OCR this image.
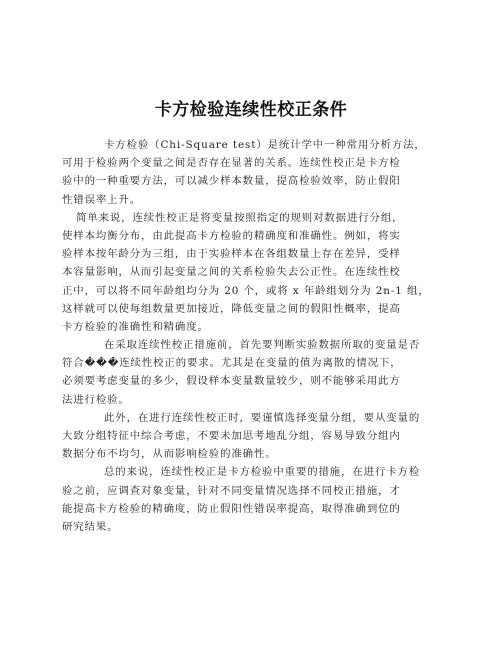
卡方检验连续性校正条件
卡方检验（Chi-Square test）是统计学中一种常用分析方法，
可用于检验两个变量之间是否存在显著的关系。连续性校正是卡方检
验中的一种重要方法，可以减少样本数量，提高检验效率，防止假阳
性错误率上升。
简单来说，连续性校正是将变量按照指定的规则对数据进行分组，
使样本均衡分布，由此提高卡方检验的精确度和准确性。例如，将实
验样本按年龄分为三组，由于实验样本在各组数量上存在差异，受样
本容量影响，从而引起变量之间的关系检验失去公正性。在连续性校
正中，可以将不同年龄组均分为 20 个，或将 x 年龄组划分为 2n-1 组，
这样就可以使每组数量更加接近，降低变量之间的假阳性概率，提高
卡方检验的准确性和精确度。
在采取连续性校正措施前，首先要判断实验数据所取的变量是否
符合���连续性校正的要求。尤其是在变量的值为离散的情况下，
必须要考虑变量的多少，假设样本变量数量较少，则不能够采用此方
法进行检验。
此外，在进行连续性校正时，要谨慎选择变量分组，要从变量的
大致分组特征中综合考虑，不要未加思考地乱分组，容易导致分组内
数据分布不均匀，从而影响检验的准确性。
总的来说，连续性校正是卡方检验中重要的措施，在进行卡方检
验之前，应调查对象变量，针对不同变量情况选择不同校正措施，才
能提高卡方检验的精确度，防止假阳性错误率提高，取得准确到位的
研究结果。
